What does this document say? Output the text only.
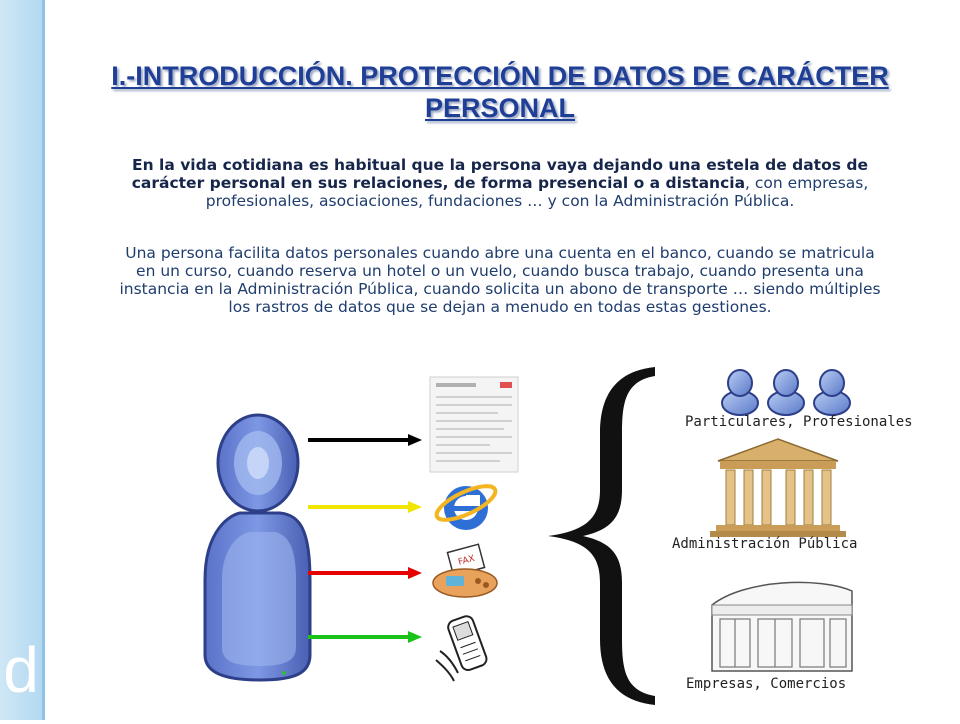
d
I.-INTRODUCCIÓN. PROTECCIÓN DE DATOS DE CARÁCTER
PERSONAL
En la vida cotidiana es habitual que la persona vaya dejando una estela de datos de carácter personal en sus relaciones, de forma presencial o a distancia, con empresas, profesionales, asociaciones, fundaciones … y con la Administración Pública.
Una persona facilita datos personales cuando abre una cuenta en el banco, cuando se matricula en un curso, cuando reserva un hotel o un vuelo, cuando busca trabajo, cuando presenta una instancia en la Administración Pública, cuando solicita un abono de transporte … siendo múltiples los rastros de datos que se dejan a menudo en todas estas gestiones.
FAX
Particulares, Profesionales
Administración Pública
Empresas, Comercios
